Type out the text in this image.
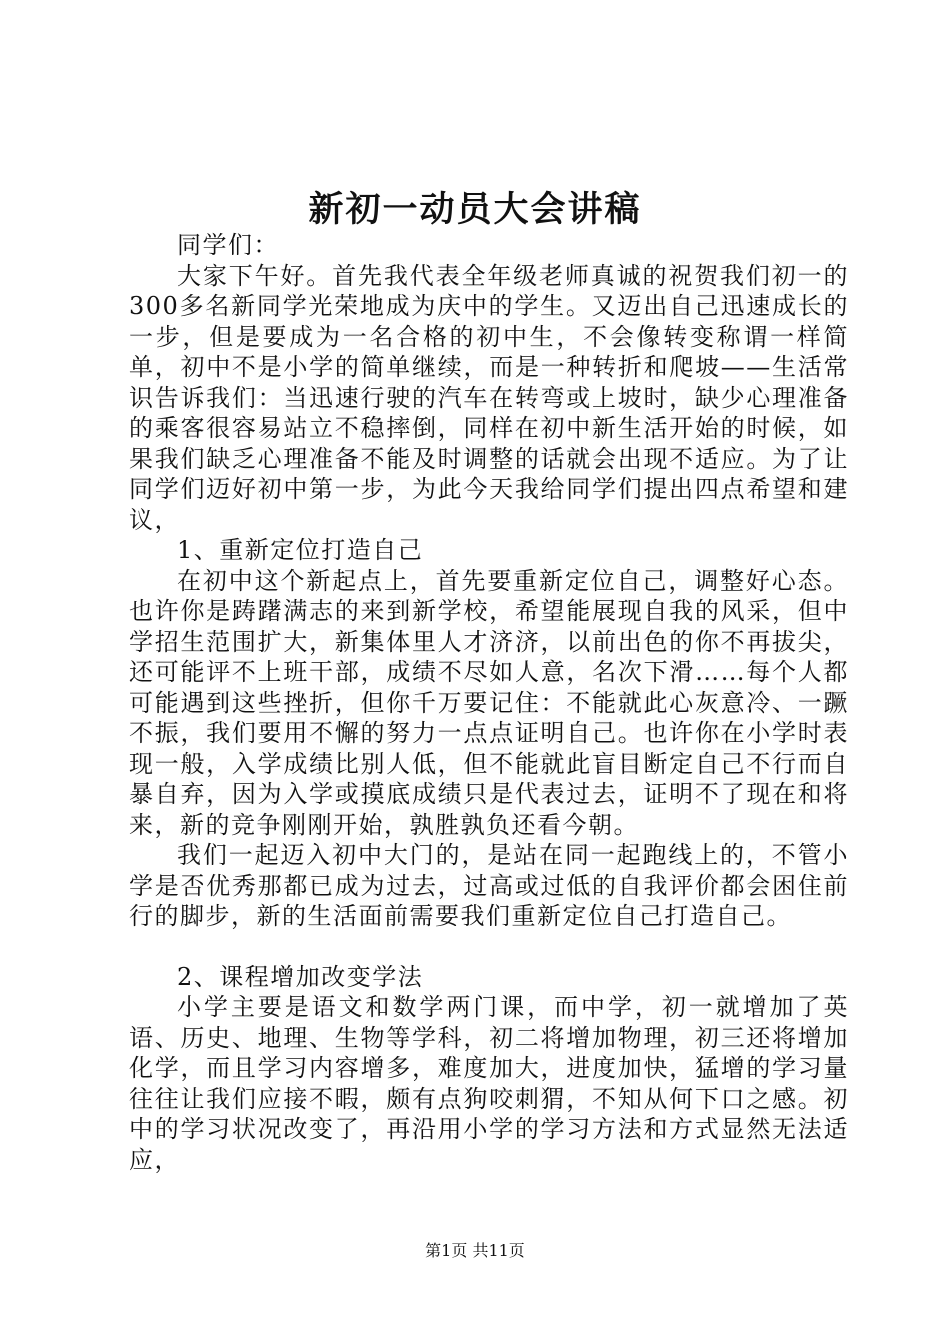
新初一动员大会讲稿

同学们：

大家下午好。首先我代表全年级老师真诚的祝贺我们初一的300多名新同学光荣地成为庆中的学生。又迈出自己迅速成长的一步，但是要成为一名合格的初中生，不会像转变称谓一样简单，初中不是小学的简单继续，而是一种转折和爬坡——生活常识告诉我们：当迅速行驶的汽车在转弯或上坡时，缺少心理准备的乘客很容易站立不稳摔倒，同样在初中新生活开始的时候，如果我们缺乏心理准备不能及时调整的话就会出现不适应。为了让同学们迈好初中第一步，为此今天我给同学们提出四点希望和建议，

1、重新定位打造自己

在初中这个新起点上，首先要重新定位自己，调整好心态。也许你是踌躇满志的来到新学校，希望能展现自我的风采，但中学招生范围扩大，新集体里人才济济，以前出色的你不再拔尖，还可能评不上班干部，成绩不尽如人意，名次下滑……每个人都可能遇到这些挫折，但你千万要记住：不能就此心灰意冷、一蹶不振，我们要用不懈的努力一点点证明自己。也许你在小学时表现一般，入学成绩比别人低，但不能就此盲目断定自己不行而自暴自弃，因为入学或摸底成绩只是代表过去，证明不了现在和将来，新的竞争刚刚开始，孰胜孰负还看今朝。

我们一起迈入初中大门的，是站在同一起跑线上的，不管小学是否优秀那都已成为过去，过高或过低的自我评价都会困住前行的脚步，新的生活面前需要我们重新定位自己打造自己。

2、课程增加改变学法

小学主要是语文和数学两门课，而中学，初一就增加了英语、历史、地理、生物等学科，初二将增加物理，初三还将增加化学，而且学习内容增多，难度加大，进度加快，猛增的学习量往往让我们应接不暇，颇有点狗咬刺猬，不知从何下口之感。初中的学习状况改变了，再沿用小学的学习方法和方式显然无法适应，

第1页 共11页
